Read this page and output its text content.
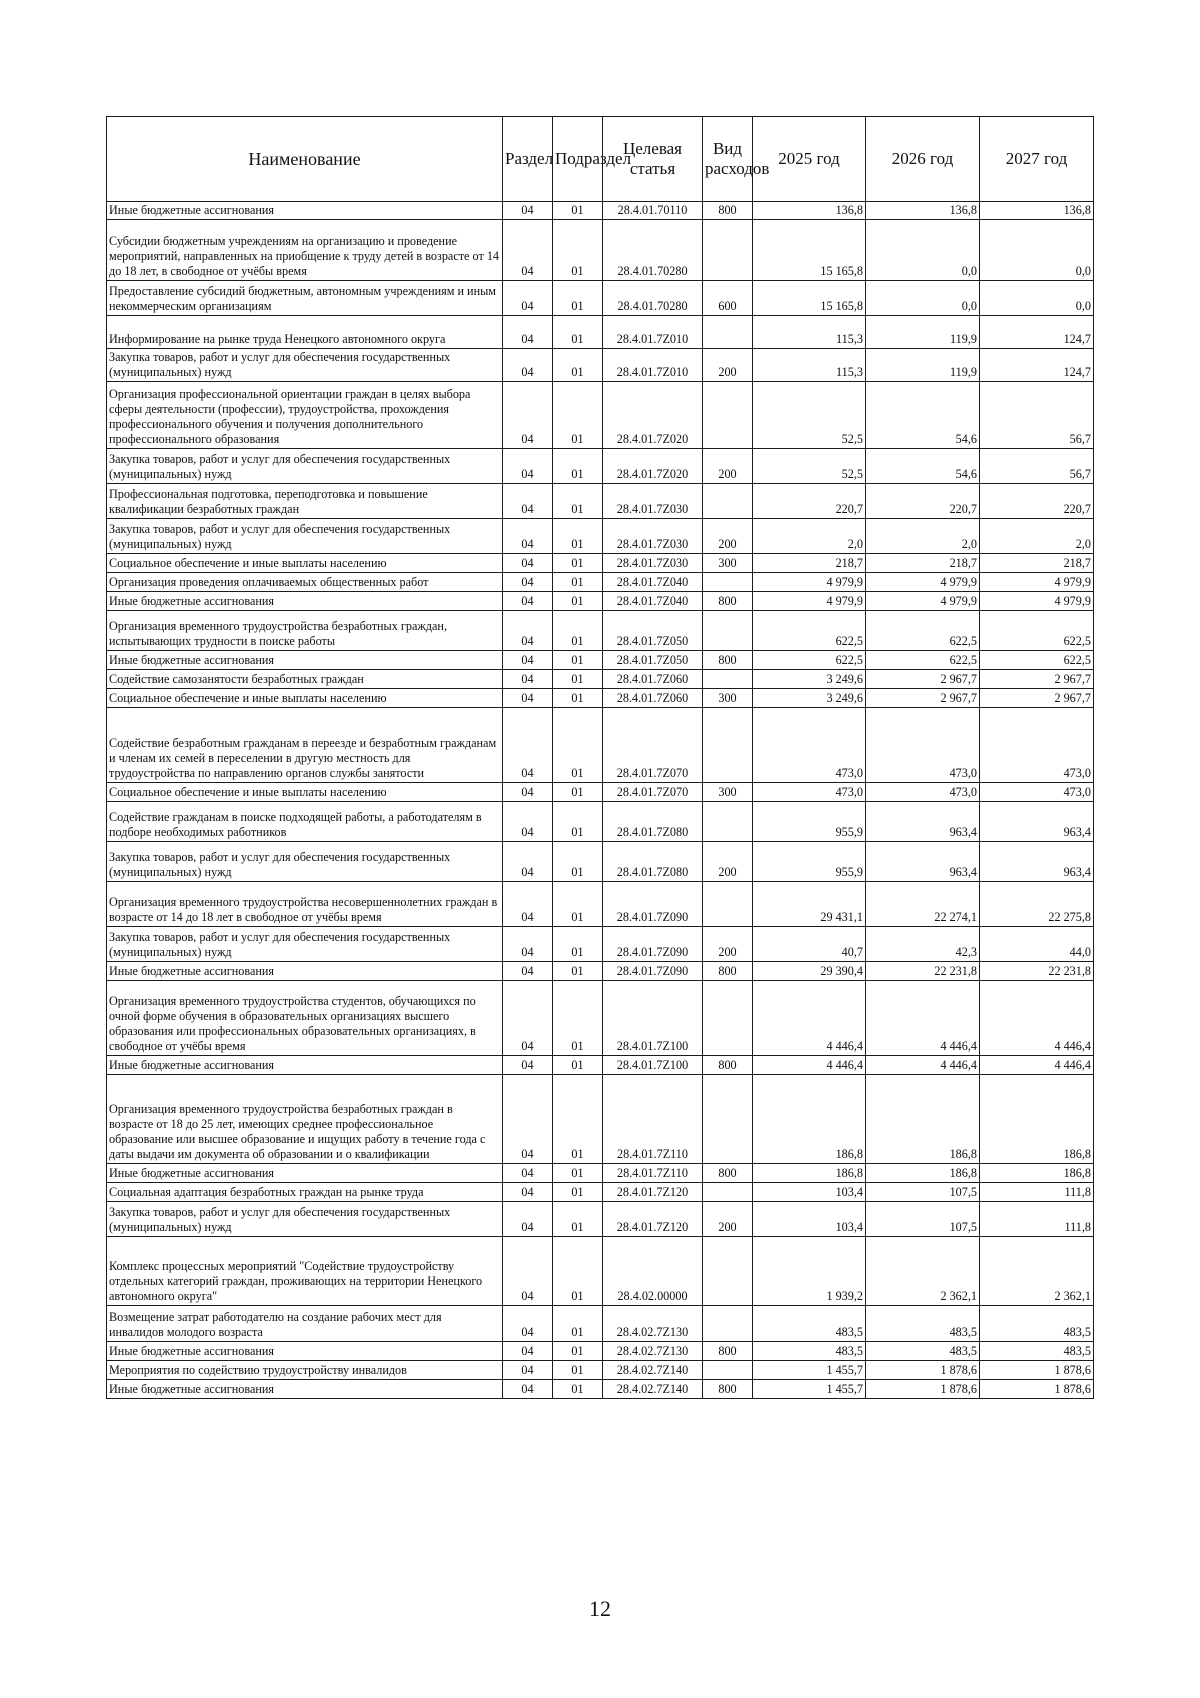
Наименование	Раздел	Подраздел	Целевая статья	Вид расходов	2025 год	2026 год	2027 год
Иные бюджетные ассигнования	04	01	28.4.01.70110	800	136,8	136,8	136,8
Субсидии бюджетным учреждениям на организацию и проведение мероприятий, направленных на приобщение к труду детей в возрасте от 14 до 18 лет, в свободное от учёбы время	04	01	28.4.01.70280		15 165,8	0,0	0,0
Предоставление субсидий бюджетным, автономным учреждениям и иным некоммерческим организациям	04	01	28.4.01.70280	600	15 165,8	0,0	0,0
Информирование на рынке труда Ненецкого автономного округа	04	01	28.4.01.7Z010		115,3	119,9	124,7
Закупка товаров, работ и услуг для обеспечения государственных (муниципальных) нужд	04	01	28.4.01.7Z010	200	115,3	119,9	124,7
Организация профессиональной ориентации граждан в целях выбора сферы деятельности (профессии), трудоустройства, прохождения профессионального обучения и получения дополнительного профессионального образования	04	01	28.4.01.7Z020		52,5	54,6	56,7
Закупка товаров, работ и услуг для обеспечения государственных (муниципальных) нужд	04	01	28.4.01.7Z020	200	52,5	54,6	56,7
Профессиональная подготовка, переподготовка и повышение квалификации безработных граждан	04	01	28.4.01.7Z030		220,7	220,7	220,7
Закупка товаров, работ и услуг для обеспечения государственных (муниципальных) нужд	04	01	28.4.01.7Z030	200	2,0	2,0	2,0
Социальное обеспечение и иные выплаты населению	04	01	28.4.01.7Z030	300	218,7	218,7	218,7
Организация проведения оплачиваемых общественных работ	04	01	28.4.01.7Z040		4 979,9	4 979,9	4 979,9
Иные бюджетные ассигнования	04	01	28.4.01.7Z040	800	4 979,9	4 979,9	4 979,9
Организация временного трудоустройства безработных граждан, испытывающих трудности в поиске работы	04	01	28.4.01.7Z050		622,5	622,5	622,5
Иные бюджетные ассигнования	04	01	28.4.01.7Z050	800	622,5	622,5	622,5
Содействие самозанятости безработных граждан	04	01	28.4.01.7Z060		3 249,6	2 967,7	2 967,7
Социальное обеспечение и иные выплаты населению	04	01	28.4.01.7Z060	300	3 249,6	2 967,7	2 967,7
Содействие безработным гражданам в переезде и безработным гражданам и членам их семей в переселении в другую местность для трудоустройства по направлению органов службы занятости	04	01	28.4.01.7Z070		473,0	473,0	473,0
Социальное обеспечение и иные выплаты населению	04	01	28.4.01.7Z070	300	473,0	473,0	473,0
Содействие гражданам в поиске подходящей работы, а работодателям в подборе необходимых работников	04	01	28.4.01.7Z080		955,9	963,4	963,4
Закупка товаров, работ и услуг для обеспечения государственных (муниципальных) нужд	04	01	28.4.01.7Z080	200	955,9	963,4	963,4
Организация временного трудоустройства несовершеннолетних граждан в возрасте от 14 до 18 лет в свободное от учёбы время	04	01	28.4.01.7Z090		29 431,1	22 274,1	22 275,8
Закупка товаров, работ и услуг для обеспечения государственных (муниципальных) нужд	04	01	28.4.01.7Z090	200	40,7	42,3	44,0
Иные бюджетные ассигнования	04	01	28.4.01.7Z090	800	29 390,4	22 231,8	22 231,8
Организация временного трудоустройства студентов, обучающихся по очной форме обучения в образовательных организациях высшего образования или профессиональных образовательных организациях, в свободное от учёбы время	04	01	28.4.01.7Z100		4 446,4	4 446,4	4 446,4
Иные бюджетные ассигнования	04	01	28.4.01.7Z100	800	4 446,4	4 446,4	4 446,4
Организация временного трудоустройства безработных граждан в возрасте от 18 до 25 лет, имеющих среднее профессиональное образование или высшее образование и ищущих работу в течение года с даты выдачи им документа об образовании и о квалификации	04	01	28.4.01.7Z110		186,8	186,8	186,8
Иные бюджетные ассигнования	04	01	28.4.01.7Z110	800	186,8	186,8	186,8
Социальная адаптация безработных граждан на рынке труда	04	01	28.4.01.7Z120		103,4	107,5	111,8
Закупка товаров, работ и услуг для обеспечения государственных (муниципальных) нужд	04	01	28.4.01.7Z120	200	103,4	107,5	111,8
Комплекс процессных мероприятий "Содействие трудоустройству отдельных категорий граждан, проживающих на территории Ненецкого автономного округа"	04	01	28.4.02.00000		1 939,2	2 362,1	2 362,1
Возмещение затрат работодателю на создание рабочих мест для инвалидов молодого возраста	04	01	28.4.02.7Z130		483,5	483,5	483,5
Иные бюджетные ассигнования	04	01	28.4.02.7Z130	800	483,5	483,5	483,5
Мероприятия по содействию трудоустройству инвалидов	04	01	28.4.02.7Z140		1 455,7	1 878,6	1 878,6
Иные бюджетные ассигнования	04	01	28.4.02.7Z140	800	1 455,7	1 878,6	1 878,6
12
